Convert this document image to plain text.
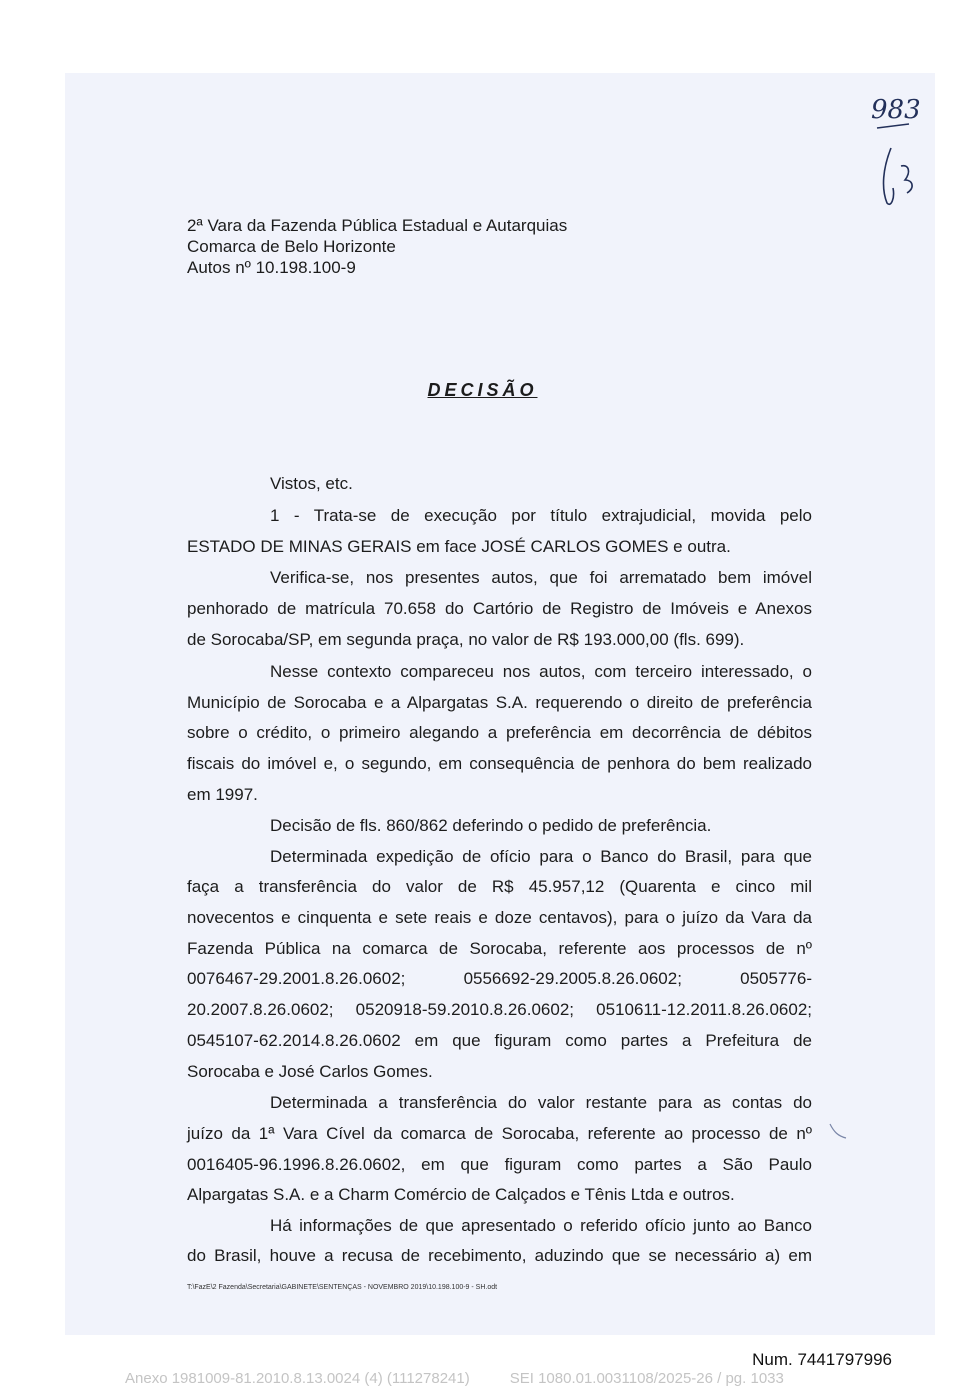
983
2ª Vara da Fazenda Pública Estadual e Autarquias
Comarca de Belo Horizonte
Autos nº 10.198.100-9
DECISÃO
Vistos, etc.
1 - Trata-se de execução por título extrajudicial, movida pelo
ESTADO DE MINAS GERAIS em face JOSÉ CARLOS GOMES e outra.
Verifica-se, nos presentes autos, que foi arrematado bem imóvel
penhorado de matrícula 70.658 do Cartório de Registro de Imóveis e Anexos
de Sorocaba/SP, em segunda praça, no valor de R$ 193.000,00 (fls. 699).
Nesse contexto compareceu nos autos, com terceiro interessado, o
Município de Sorocaba e a Alpargatas S.A. requerendo o direito de preferência
sobre o crédito, o primeiro alegando a preferência em decorrência de débitos
fiscais do imóvel e, o segundo, em consequência de penhora do bem realizado
em 1997.
Decisão de fls. 860/862 deferindo o pedido de preferência.
Determinada expedição de ofício para o Banco do Brasil, para que
faça a transferência do valor de R$ 45.957,12 (Quarenta e cinco mil
novecentos e cinquenta e sete reais e doze centavos), para o juízo da Vara da
Fazenda Pública na comarca de Sorocaba, referente aos processos de nº
0076467-29.2001.8.26.0602;       0556692-29.2005.8.26.0602;       0505776-
20.2007.8.26.0602; 0520918-59.2010.8.26.0602; 0510611-12.2011.8.26.0602;
0545107-62.2014.8.26.0602 em que figuram como partes a Prefeitura de
Sorocaba e José Carlos Gomes.
Determinada a transferência do valor restante para as contas do
juízo da 1ª Vara Cível da comarca de Sorocaba, referente ao processo de nº
0016405-96.1996.8.26.0602, em que figuram como partes a São Paulo
Alpargatas S.A. e a Charm Comércio de Calçados e Tênis Ltda e outros.
Há informações de que apresentado o referido ofício junto ao Banco
do Brasil, houve a recusa de recebimento, aduzindo que se necessário a) em
T:\FazE\2 Fazenda\Secretaria\GABINETE\SENTENÇAS - NOVEMBRO 2019\10.198.100-9 - SH.odt
Num. 7441797996
Anexo 1981009-81.2010.8.13.0024 (4) (111278241)	SEI 1080.01.0031108/2025-26 / pg. 1033
